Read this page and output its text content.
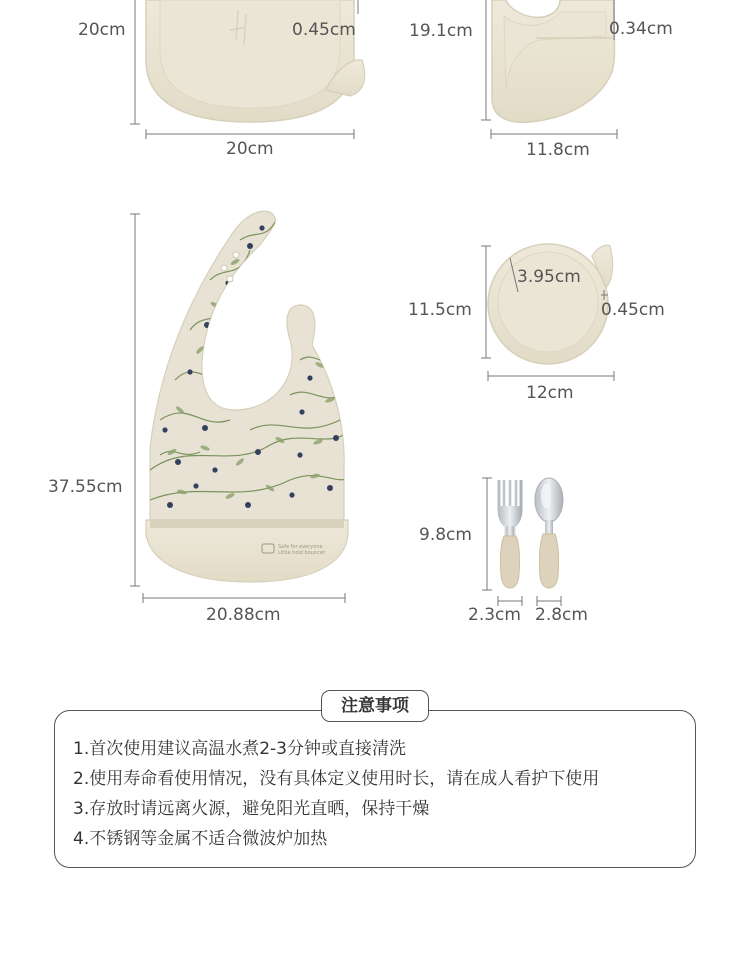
20cm	0.45cm
20cm
19.1cm	0.34cm
11.8cm
37.55cm
20.88cm
Safe for everyone
Little hold bouncer
11.5cm
3.95cm
0.45cm
12cm
9.8cm
2.3cm 2.8cm
注意事项
1.首次使用建议高温水煮2-3分钟或直接清洗
2.使用寿命看使用情况，没有具体定义使用时长，请在成人看护下使用
3.存放时请远离火源，避免阳光直晒，保持干燥
4.不锈钢等金属不适合微波炉加热
